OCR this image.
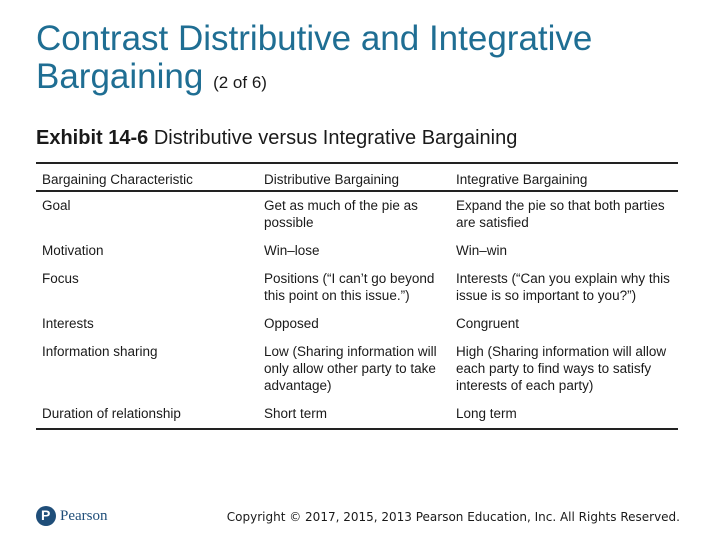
Contrast Distributive and Integrative
Bargaining (2 of 6)
Exhibit 14-6 Distributive versus Integrative Bargaining
Bargaining Characteristic	Distributive Bargaining	Integrative Bargaining
Goal	Get as much of the pie as possible	Expand the pie so that both parties are satisfied
Motivation	Win–lose	Win–win
Focus	Positions (“I can’t go beyond this point on this issue.”)	Interests (“Can you explain why this issue is so important to you?”)
Interests	Opposed	Congruent
Information sharing	Low (Sharing information will only allow other party to take advantage)	High (Sharing information will allow each party to find ways to satisfy interests of each party)
Duration of relationship	Short term	Long term
P
Pearson	Copyright © 2017, 2015, 2013 Pearson Education, Inc. All Rights Reserved.
